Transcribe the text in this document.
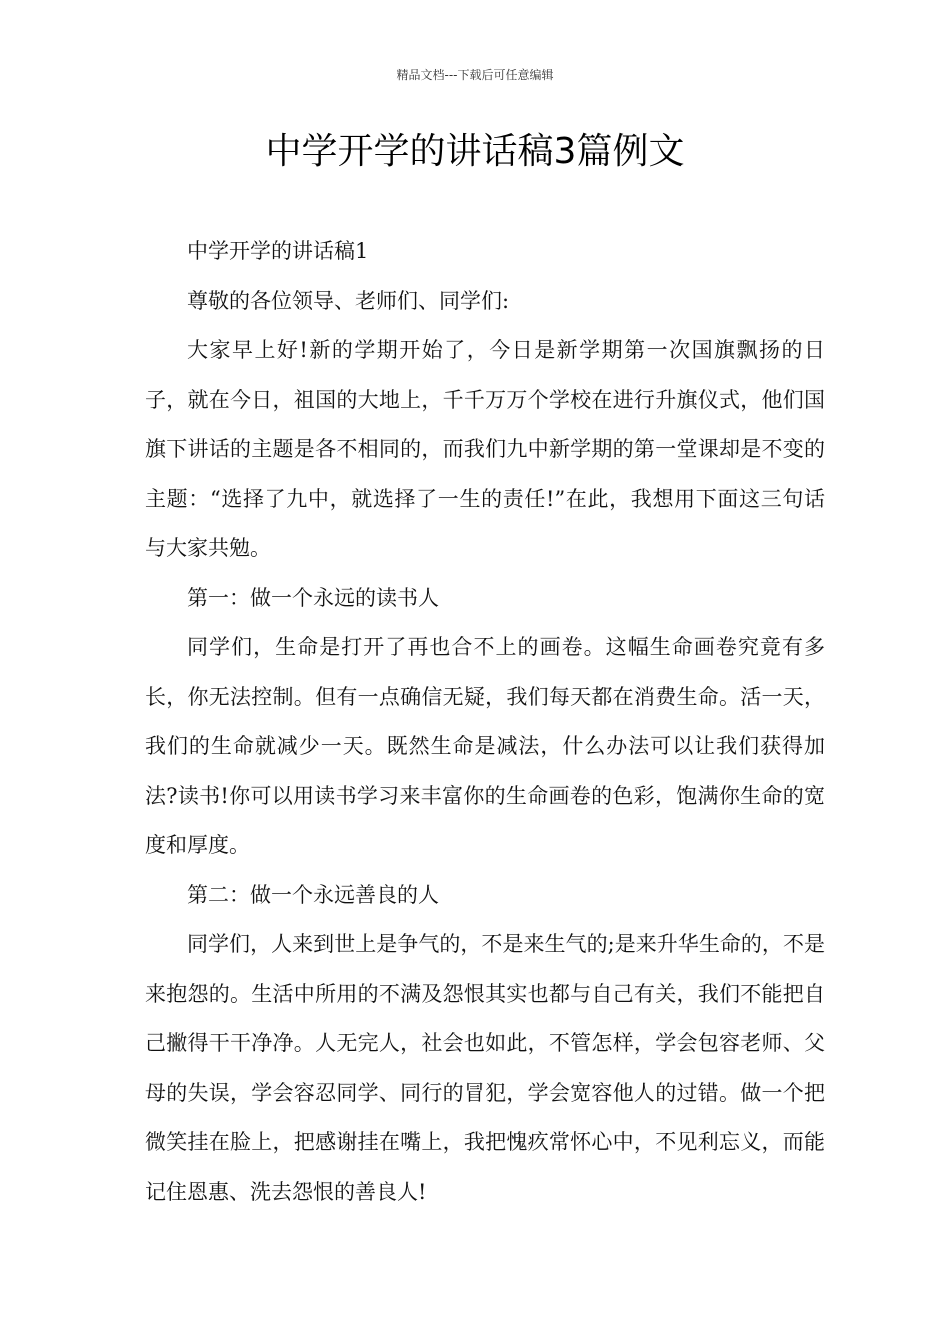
精品文档---下载后可任意编辑
中学开学的讲话稿3篇例文

中学开学的讲话稿1

尊敬的各位领导、老师们、同学们:

大家早上好!新的学期开始了，今日是新学期第一次国旗飘扬的日子，就在今日，祖国的大地上，千千万万个学校在进行升旗仪式，他们国旗下讲话的主题是各不相同的，而我们九中新学期的第一堂课却是不变的主题：“选择了九中，就选择了一生的责任!”在此，我想用下面这三句话与大家共勉。

第一：做一个永远的读书人

同学们，生命是打开了再也合不上的画卷。这幅生命画卷究竟有多长，你无法控制。但有一点确信无疑，我们每天都在消费生命。活一天，我们的生命就减少一天。既然生命是减法，什么办法可以让我们获得加法?读书!你可以用读书学习来丰富你的生命画卷的色彩，饱满你生命的宽度和厚度。

第二：做一个永远善良的人

同学们，人来到世上是争气的，不是来生气的;是来升华生命的，不是来抱怨的。生活中所用的不满及怨恨其实也都与自己有关，我们不能把自己撇得干干净净。人无完人，社会也如此，不管怎样，学会包容老师、父母的失误，学会容忍同学、同行的冒犯，学会宽容他人的过错。做一个把微笑挂在脸上，把感谢挂在嘴上，我把愧疚常怀心中，不见利忘义，而能记住恩惠、洗去怨恨的善良人!
